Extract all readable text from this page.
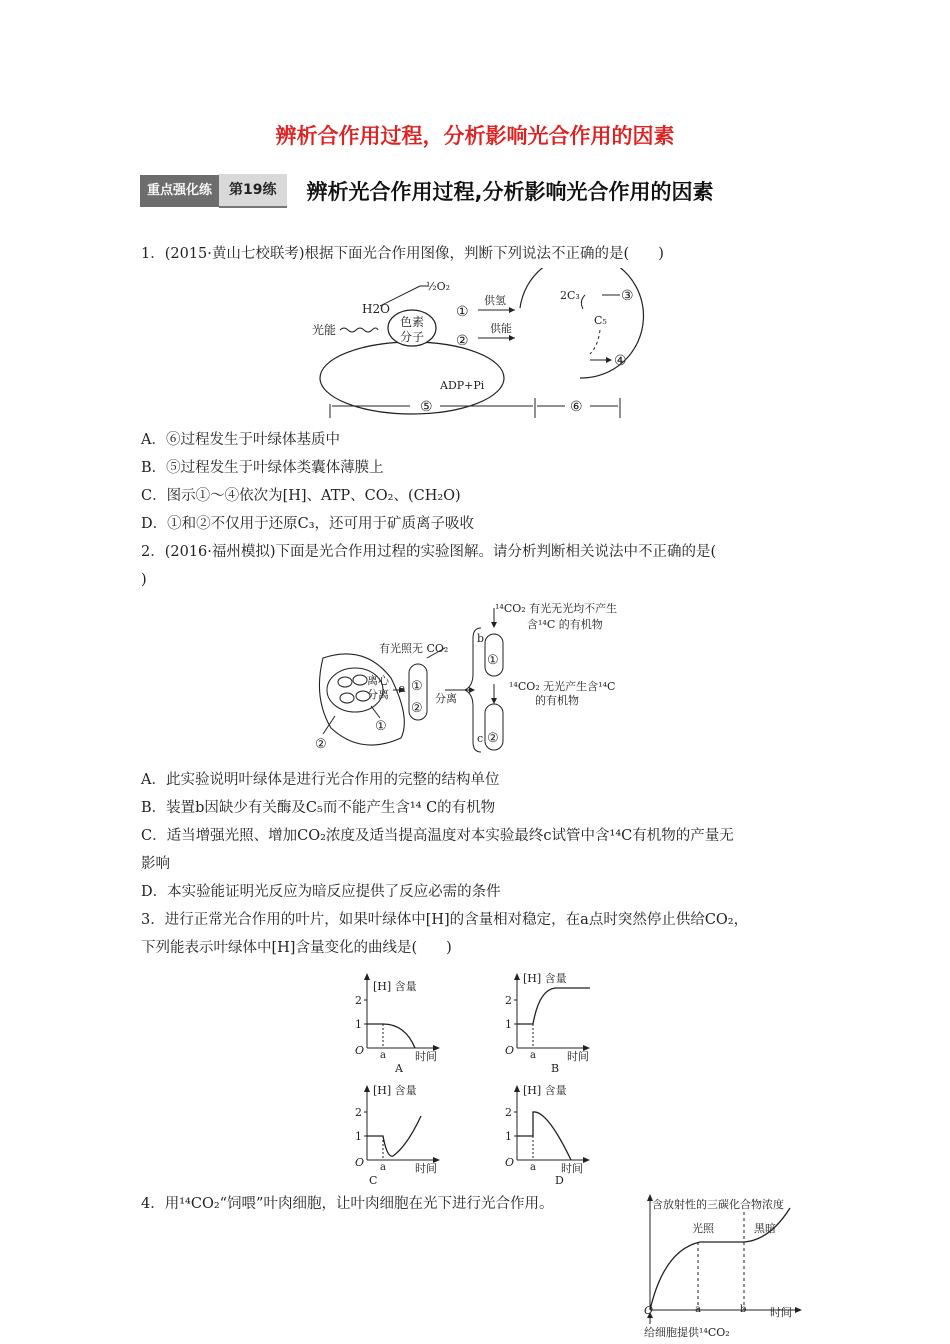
辨析合作用过程，分析影响光合作用的因素
重点强化练	第19练	辨析光合作用过程,分析影响光合作用的因素
1．(2015·黄山七校联考)根据下面光合作用图像，判断下列说法不正确的是(　　)
H2O
½O₂
光能
色素
分子
①
②
供氢
供能
2C₃	③
C₅
④
ADP+Pi
⑤	⑥
A．⑥过程发生于叶绿体基质中
B．⑤过程发生于叶绿体类囊体薄膜上
C．图示①～④依次为[H]、ATP、CO₂、(CH₂O)
D．①和②不仅用于还原C₃，还可用于矿质离子吸收
2．(2016·福州模拟)下面是光合作用过程的实验图解。请分析判断相关说法中不正确的是(
)
¹⁴CO₂ 有光无光均不产生
含¹⁴C 的有机物
有光照无 CO₂
b
①
离心
分离 a ①
②
分离
¹⁴CO₂ 无光产生含¹⁴C
的有机物
c ②
①
②
A．此实验说明叶绿体是进行光合作用的完整的结构单位
B．装置b因缺少有关酶及C₅而不能产生含¹⁴ C的有机物
C．适当增强光照、增加CO₂浓度及适当提高温度对本实验最终c试管中含¹⁴C有机物的产量无
影响
D．本实验能证明光反应为暗反应提供了反应必需的条件
3．进行正常光合作用的叶片，如果叶绿体中[H]的含量相对稳定，在a点时突然停止供给CO₂，
下列能表示叶绿体中[H]含量变化的曲线是(　　)
[H] 含量
2
1
O a	时间
A
[H] 含量
2
1
O a	时间
B
[H] 含量
2
1
O a	时间
C
[H] 含量
2
1
O a 时间
D
4．用¹⁴CO₂“饲喂”叶肉细胞，让叶肉细胞在光下进行光合作用。	含放射性的三碳化合物浓度
光照	黑暗
O	a	b 时间
给细胞提供¹⁴CO₂
